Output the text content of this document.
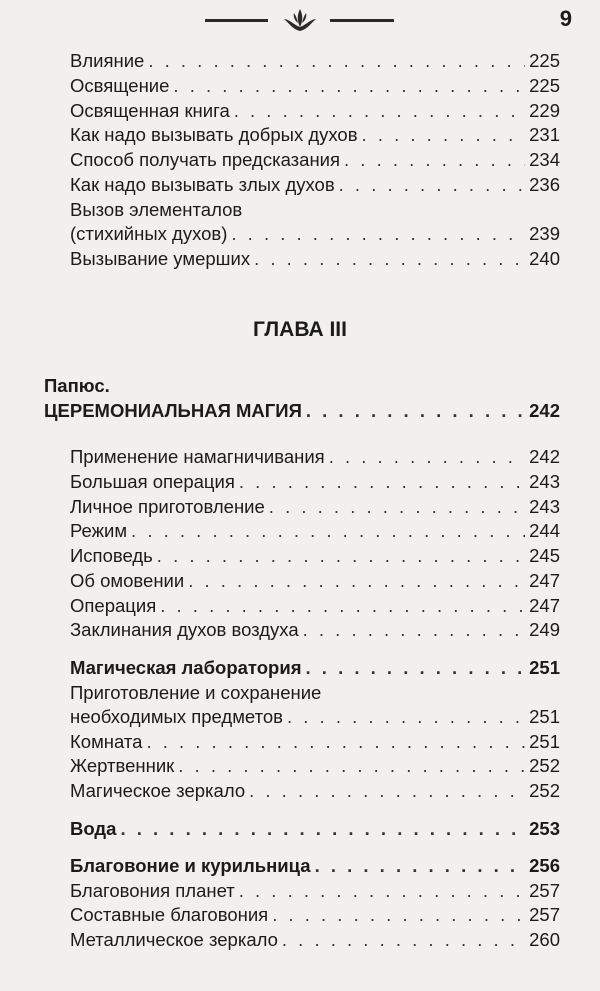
9
Влияние . . .	225
Освящение . . .	225
Освященная книга . . .	229
Как надо вызывать добрых духов . . .	231
Способ получать предсказания . . .	234
Как надо вызывать злых духов . . .	236
Вызов элементалов
(стихийных духов) . . .	239
Вызывание умерших . . .	240
ГЛАВА III
Папюс.
ЦЕРЕМОНИАЛЬНАЯ МАГИЯ . . .	242
Применение намагничивания . . .	242
Большая операция . . .	243
Личное приготовление . . .	243
Режим . . .	244
Исповедь . . .	245
Об омовении . . .	247
Операция . . .	247
Заклинания духов воздуха . . .	249
Магическая лаборатория . . .	251
Приготовление и сохранение
необходимых предметов . . .	251
Комната . . .	251
Жертвенник . . .	252
Магическое зеркало . . .	252
Вода . . .	253
Благовоние и курильница . . .	256
Благовония планет . . .	257
Составные благовония . . .	257
Металлическое зеркало . . .	260
